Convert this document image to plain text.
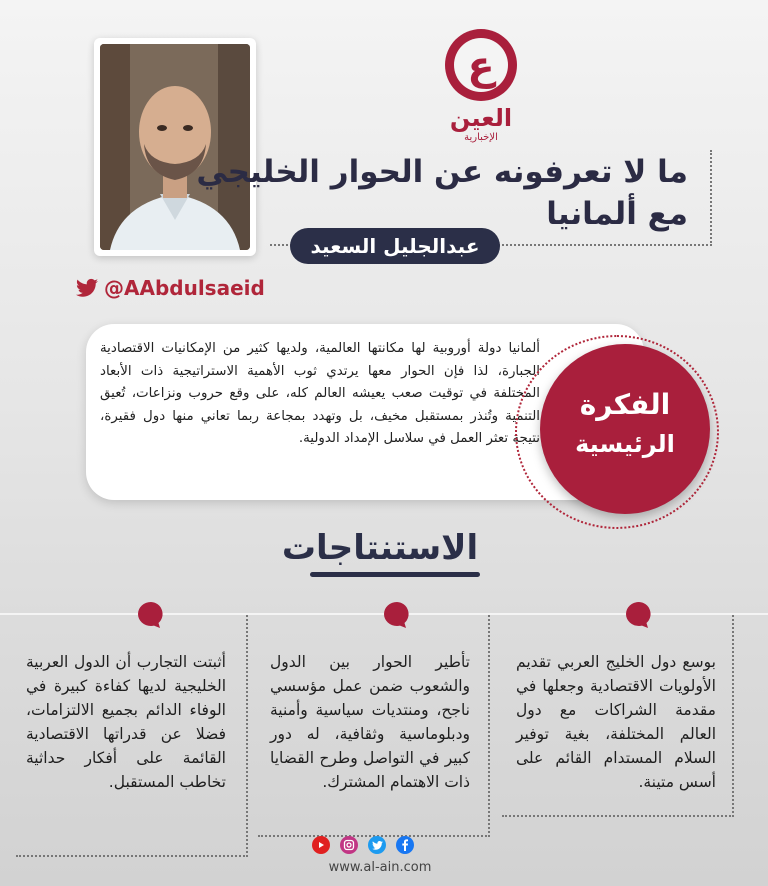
ع
العين
الإخبارية
@AAbdulsaeid
ما لا تعرفونه عن الحوار الخليجي
مع ألمانيا
عبدالجليل السعيد
ألمانيا دولة أوروبية لها مكانتها العالمية، ولديها كثير من الإمكانيات الاقتصادية الجبارة، لذا فإن الحوار معها يرتدي ثوب الأهمية الاستراتيجية ذات الأبعاد المختلفة في توقيت صعب يعيشه العالم كله، على وقع حروب ونزاعات، تُعيق التنمية وتُنذر بمستقبل مخيف، بل وتهدد بمجاعة ربما تعاني منها دول فقيرة، نتيجة تعثر العمل في سلاسل الإمداد الدولية.
الفكرة
الرئيسية
الاستنتاجات
بوسع دول الخليج العربي تقديم الأولويات الاقتصادية وجعلها في مقدمة الشراكات مع دول العالم المختلفة، بغية توفير السلام المستدام القائم على أسس متينة.
تأطير الحوار بين الدول والشعوب ضمن عمل مؤسسي ناجح، ومنتديات سياسية وأمنية ودبلوماسية وثقافية، له دور كبير في التواصل وطرح القضايا ذات الاهتمام المشترك.
أثبتت التجارب أن الدول العربية الخليجية لديها كفاءة كبيرة في الوفاء الدائم بجميع الالتزامات، فضلا عن قدراتها الاقتصادية القائمة على أفكار حداثية تخاطب المستقبل.
www.al-ain.com
